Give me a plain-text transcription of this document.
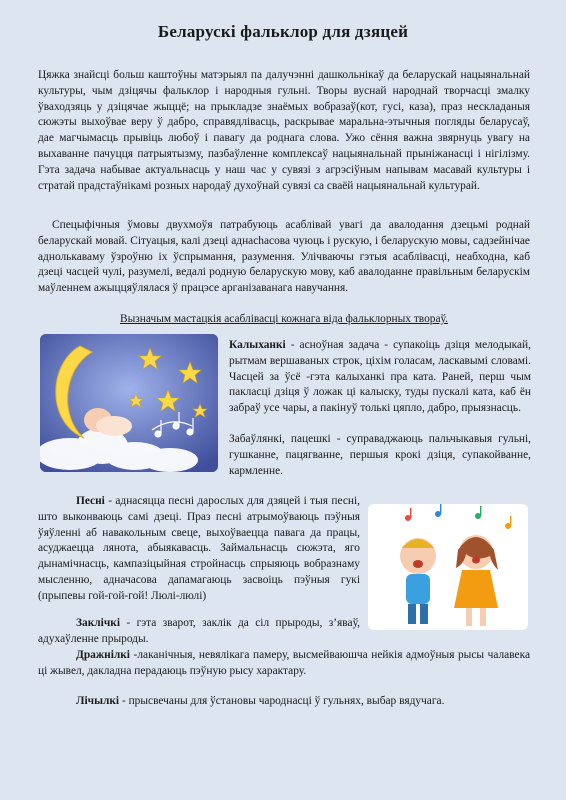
Беларускі фальклор для дзяцей

Цяжка знайсці больш каштоўны матэрыял па далучэнні дашкольнікаў да беларускай нацыянальнай культуры, чым дзіцячы фальклор і народныя гульні. Творы вуснай народнай творчасці змалку ўваходзяць у дзіцячае жыццё; на прыкладзе знаёмых вобразаў(кот, гусі, каза), праз нескладаныя сюжэты выхоўваe веру ў дабро, справядлівасць, раскрываe маральна-этычныя погляды беларусаў, дае магчымасць прывіць любоў і павагу да роднага слова. Ужо сёння важна звярнуць увагу на выхаванне пачуцця патрыятызму, пазбаўленне комплексаў нацыянальнай прыніжанасці і нігілізму. Гэта задача набывае актуальнасць у наш час у сувязі з агрэсіўным напывам масавай культуры і стратай прадстаўнікамі розных народаў духоўнай сувязі са сваёй нацыянальнай культурай.

Спецыфічныя ўмовы двухмоўя патрабуюць асаблівай увагі да авалодання дзецьмі роднай беларускай мовай. Сітуацыя, калі дзеці аднachасова чуюць і рускую, і беларускую мовы, садзейнічае аднолькаваму ўзроўню іх ўспрымання, разумення. Улічваючы гэтыя асаблівасці, неабходна, каб дзеці часцей чулі, разумелі, ведалі родную беларускую мову, каб авалоданне правільным беларускім маўленнем ажыццяўлялася ў працэсе арганізаванага навучання.

Вызначым мастацкія асаблівасці кожнага віда фальклорных твораў.

Калыханкі - асноўная задача - супакоіць дзіця мелодыкай, рытмам вершаваных строк, ціхім голасам, ласкавымі словамі. Часцей за ўсё -гэта калыханкі пра ката. Раней, перш чым пакласці дзіця ў ложак ці калыску, туды пускалі ката, каб ён забраў усе чары, а пакінуў толькі цяпло, дабро, прыязнасць.

Забаўлянкі, пацешкі - суправаджаюць пальчыкавыя гульні, гушканне, пацягванне, першыя крокі дзіця, супакойванне, кармленне.

Песні - аднасяцца песні дарослых для дзяцей і тыя песні, што выконваюць самі дзеці. Праз песні атрымоўваюць пэўныя ўяўленні аб навакольным свеце, выхоўваецца павага да працы, асуджаецца лянота, абыякавасць. Займальнасць сюжэта, яго дынамічнасць, кампазіцыйная стройнасць спрыяюць вобразнаму мысленню, адначасова дапамагаюць засвоіць пэўныя гукі (прыпевы гой-гой-гой! Люлі-люлі)

Заклічкі - гэта зварот, заклік да сіл прыроды, з’яваў, адухаўленне прыроды.

Дражнілкі -лаканічныя, невялікага памеру, высмейваюшча нейкія адмоўныя рысы чалавека ці жывел, дакладна перадаюць пэўную рысу характару.

Лічылкі - прысвечаны для ўстановы чароднасці ў гульнях, выбар вядучага.
